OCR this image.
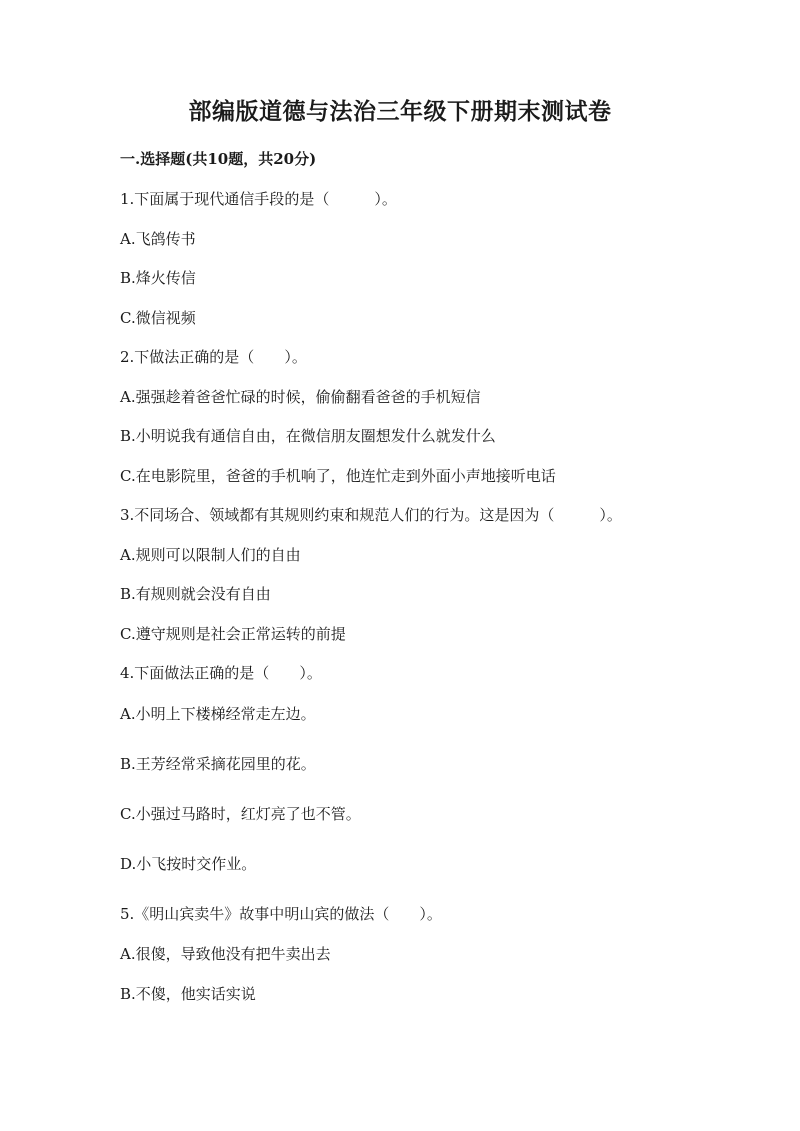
部编版道德与法治三年级下册期末测试卷
一.选择题(共10题，共20分)
1.下面属于现代通信手段的是（　　　）。
A.飞鸽传书
B.烽火传信
C.微信视频
2.下做法正确的是（　　）。
A.强强趁着爸爸忙碌的时候，偷偷翻看爸爸的手机短信
B.小明说我有通信自由，在微信朋友圈想发什么就发什么
C.在电影院里，爸爸的手机响了，他连忙走到外面小声地接听电话
3.不同场合、领域都有其规则约束和规范人们的行为。这是因为（　　　）。
A.规则可以限制人们的自由
B.有规则就会没有自由
C.遵守规则是社会正常运转的前提
4.下面做法正确的是（　　）。
A.小明上下楼梯经常走左边。
B.王芳经常采摘花园里的花。
C.小强过马路时，红灯亮了也不管。
D.小飞按时交作业。
5.《明山宾卖牛》故事中明山宾的做法（　　）。
A.很傻，导致他没有把牛卖出去
B.不傻，他实话实说
